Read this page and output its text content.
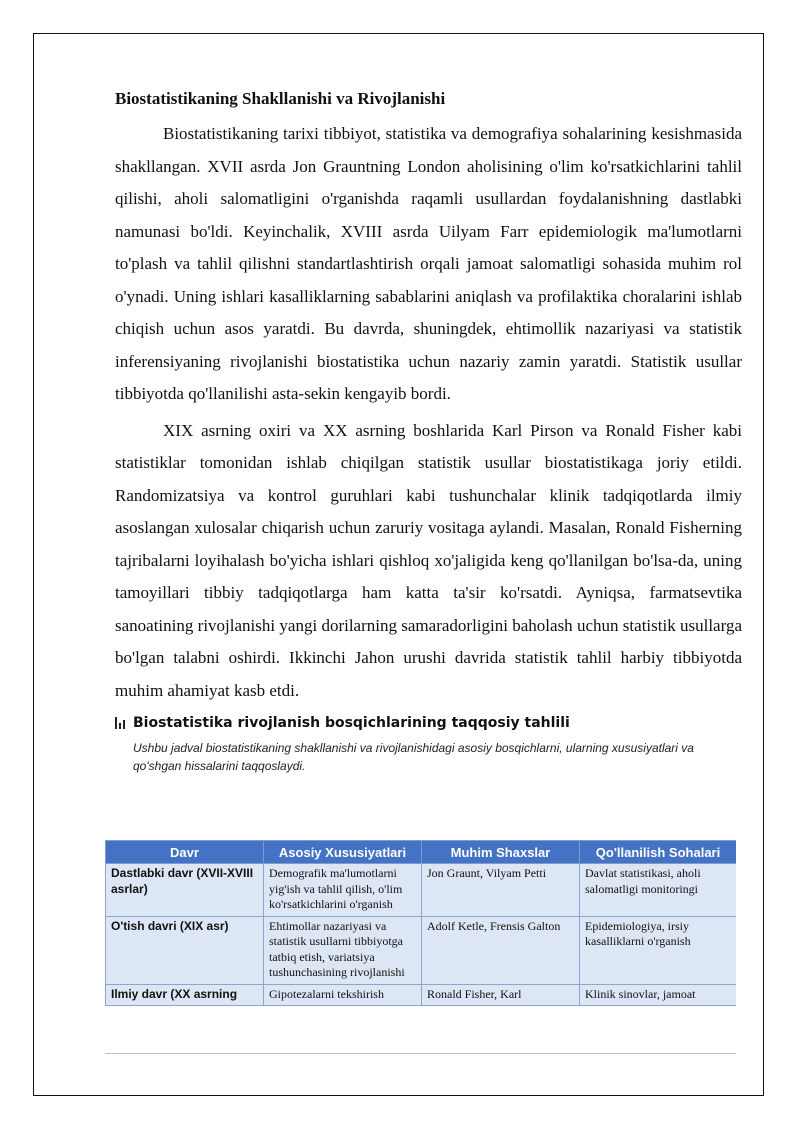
Biostatistikaning Shakllanishi va Rivojlanishi

Biostatistikaning tarixi tibbiyot, statistika va demografiya sohalarining kesishmasida shakllangan. XVII asrda Jon Grauntning London aholisining o'lim ko'rsatkichlarini tahlil qilishi, aholi salomatligini o'rganishda raqamli usullardan foydalanishning dastlabki namunasi bo'ldi. Keyinchalik, XVIII asrda Uilyam Farr epidemiologik ma'lumotlarni to'plash va tahlil qilishni standartlashtirish orqali jamoat salomatligi sohasida muhim rol o'ynadi. Uning ishlari kasalliklarning sabablarini aniqlash va profilaktika choralarini ishlab chiqish uchun asos yaratdi. Bu davrda, shuningdek, ehtimollik nazariyasi va statistik inferensiyaning rivojlanishi biostatistika uchun nazariy zamin yaratdi. Statistik usullar tibbiyotda qo'llanilishi asta-sekin kengayib bordi.

XIX asrning oxiri va XX asrning boshlarida Karl Pirson va Ronald Fisher kabi statistiklar tomonidan ishlab chiqilgan statistik usullar biostatistikaga joriy etildi. Randomizatsiya va kontrol guruhlari kabi tushunchalar klinik tadqiqotlarda ilmiy asoslangan xulosalar chiqarish uchun zaruriy vositaga aylandi. Masalan, Ronald Fisherning tajribalarni loyihalash bo'yicha ishlari qishloq xo'jaligida keng qo'llanilgan bo'lsa-da, uning tamoyillari tibbiy tadqiqotlarga ham katta ta'sir ko'rsatdi. Ayniqsa, farmatsevtika sanoatining rivojlanishi yangi dorilarning samaradorligini baholash uchun statistik usullarga bo'lgan talabni oshirdi. Ikkinchi Jahon urushi davrida statistik tahlil harbiy tibbiyotda muhim ahamiyat kasb etdi.

Biostatistika rivojlanish bosqichlarining taqqosiy tahlili
Ushbu jadval biostatistikaning shakllanishi va rivojlanishidagi asosiy bosqichlarni, ularning xususiyatlari va qo'shgan hissalarini taqqoslaydi.
Davr	Asosiy Xususiyatlari	Muhim Shaxslar	Qo'llanilish Sohalari
Dastlabki davr (XVII-XVIII asrlar)	Demografik ma'lumotlarni yig'ish va tahlil qilish, o'lim ko'rsatkichlarini o'rganish	Jon Graunt, Vilyam Petti	Davlat statistikasi, aholi salomatligi monitoringi
O'tish davri (XIX asr)	Ehtimollar nazariyasi va statistik usullarni tibbiyotga tatbiq etish, variatsiya tushunchasining rivojlanishi	Adolf Ketle, Frensis Galton	Epidemiologiya, irsiy kasalliklarni o'rganish
Ilmiy davr (XX asrning	Gipotezalarni tekshirish	Ronald Fisher, Karl	Klinik sinovlar, jamoat
